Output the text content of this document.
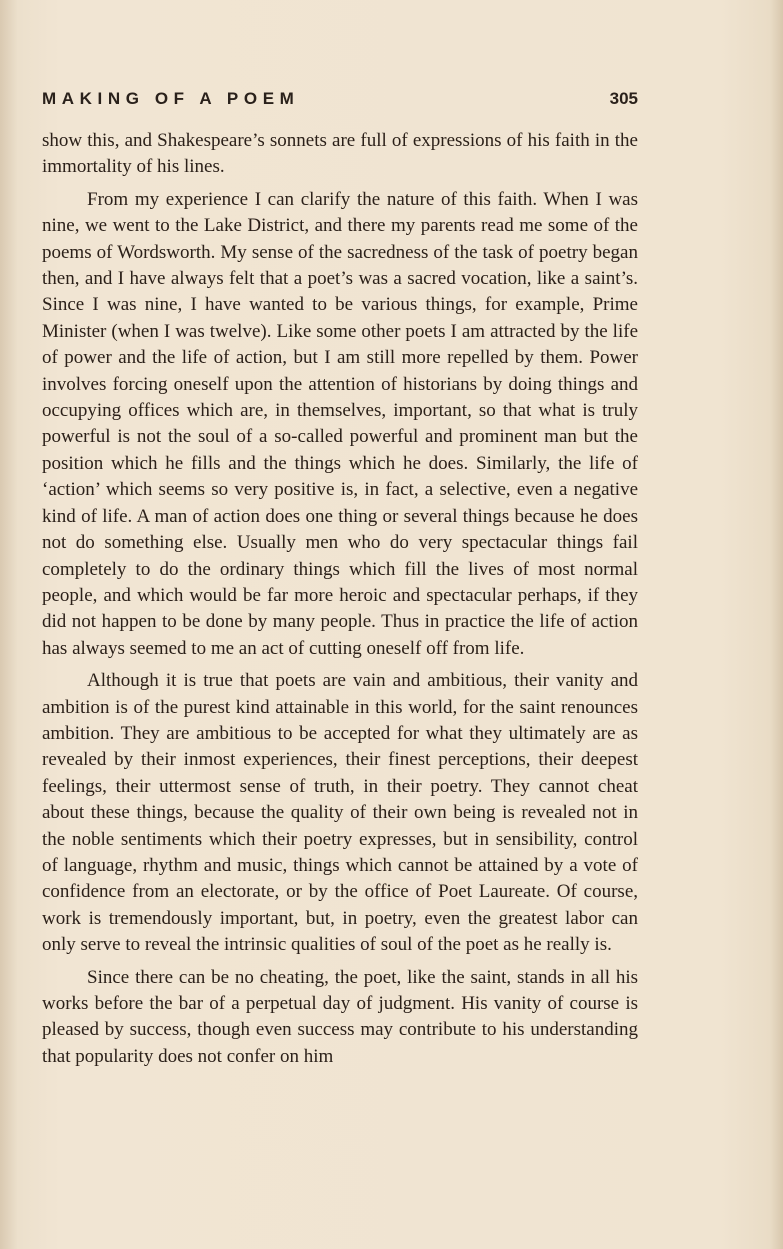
MAKING OF A POEM	305

show this, and Shakespeare’s sonnets are full of expressions of his faith in the immortality of his lines.

From my experience I can clarify the nature of this faith. When I was nine, we went to the Lake District, and there my parents read me some of the poems of Wordsworth. My sense of the sacredness of the task of poetry began then, and I have always felt that a poet’s was a sacred vocation, like a saint’s. Since I was nine, I have wanted to be various things, for example, Prime Minister (when I was twelve). Like some other poets I am attracted by the life of power and the life of action, but I am still more repelled by them. Power involves forcing oneself upon the attention of historians by doing things and occupying offices which are, in themselves, important, so that what is truly powerful is not the soul of a so-called powerful and prominent man but the position which he fills and the things which he does. Similarly, the life of ‘action’ which seems so very positive is, in fact, a selective, even a negative kind of life. A man of action does one thing or several things because he does not do something else. Usually men who do very spectacular things fail completely to do the ordinary things which fill the lives of most normal people, and which would be far more heroic and spectacular perhaps, if they did not happen to be done by many people. Thus in practice the life of action has always seemed to me an act of cutting oneself off from life.

Although it is true that poets are vain and ambitious, their vanity and ambition is of the purest kind attainable in this world, for the saint renounces ambition. They are ambitious to be accepted for what they ultimately are as revealed by their inmost experiences, their finest perceptions, their deepest feelings, their uttermost sense of truth, in their poetry. They cannot cheat about these things, because the quality of their own being is revealed not in the noble sentiments which their poetry expresses, but in sensibility, control of language, rhythm and music, things which cannot be attained by a vote of confidence from an electorate, or by the office of Poet Laureate. Of course, work is tremendously important, but, in poetry, even the greatest labor can only serve to reveal the intrinsic qualities of soul of the poet as he really is.

Since there can be no cheating, the poet, like the saint, stands in all his works before the bar of a perpetual day of judgment. His vanity of course is pleased by success, though even success may contribute to his understanding that popularity does not confer on him
